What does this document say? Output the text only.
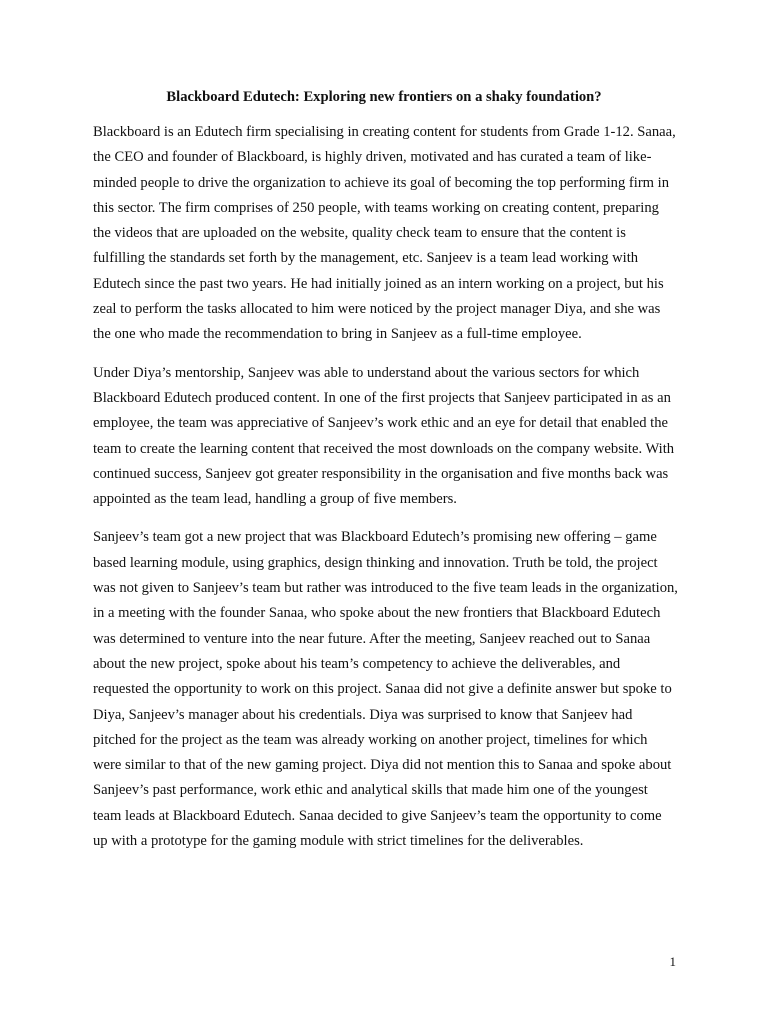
Blackboard Edutech: Exploring new frontiers on a shaky foundation?

Blackboard is an Edutech firm specialising in creating content for students from Grade 1-12. Sanaa, the CEO and founder of Blackboard, is highly driven, motivated and has curated a team of like-minded people to drive the organization to achieve its goal of becoming the top performing firm in this sector. The firm comprises of 250 people, with teams working on creating content, preparing the videos that are uploaded on the website, quality check team to ensure that the content is fulfilling the standards set forth by the management, etc. Sanjeev is a team lead working with Edutech since the past two years. He had initially joined as an intern working on a project, but his zeal to perform the tasks allocated to him were noticed by the project manager Diya, and she was the one who made the recommendation to bring in Sanjeev as a full-time employee.

Under Diya’s mentorship, Sanjeev was able to understand about the various sectors for which Blackboard Edutech produced content. In one of the first projects that Sanjeev participated in as an employee, the team was appreciative of Sanjeev’s work ethic and an eye for detail that enabled the team to create the learning content that received the most downloads on the company website. With continued success, Sanjeev got greater responsibility in the organisation and five months back was appointed as the team lead, handling a group of five members.

Sanjeev’s team got a new project that was Blackboard Edutech’s promising new offering – game based learning module, using graphics, design thinking and innovation. Truth be told, the project was not given to Sanjeev’s team but rather was introduced to the five team leads in the organization, in a meeting with the founder Sanaa, who spoke about the new frontiers that Blackboard Edutech was determined to venture into the near future. After the meeting, Sanjeev reached out to Sanaa about the new project, spoke about his team’s competency to achieve the deliverables, and requested the opportunity to work on this project. Sanaa did not give a definite answer but spoke to Diya, Sanjeev’s manager about his credentials. Diya was surprised to know that Sanjeev had pitched for the project as the team was already working on another project, timelines for which were similar to that of the new gaming project. Diya did not mention this to Sanaa and spoke about Sanjeev’s past performance, work ethic and analytical skills that made him one of the youngest team leads at Blackboard Edutech. Sanaa decided to give Sanjeev’s team the opportunity to come up with a prototype for the gaming module with strict timelines for the deliverables.

1
